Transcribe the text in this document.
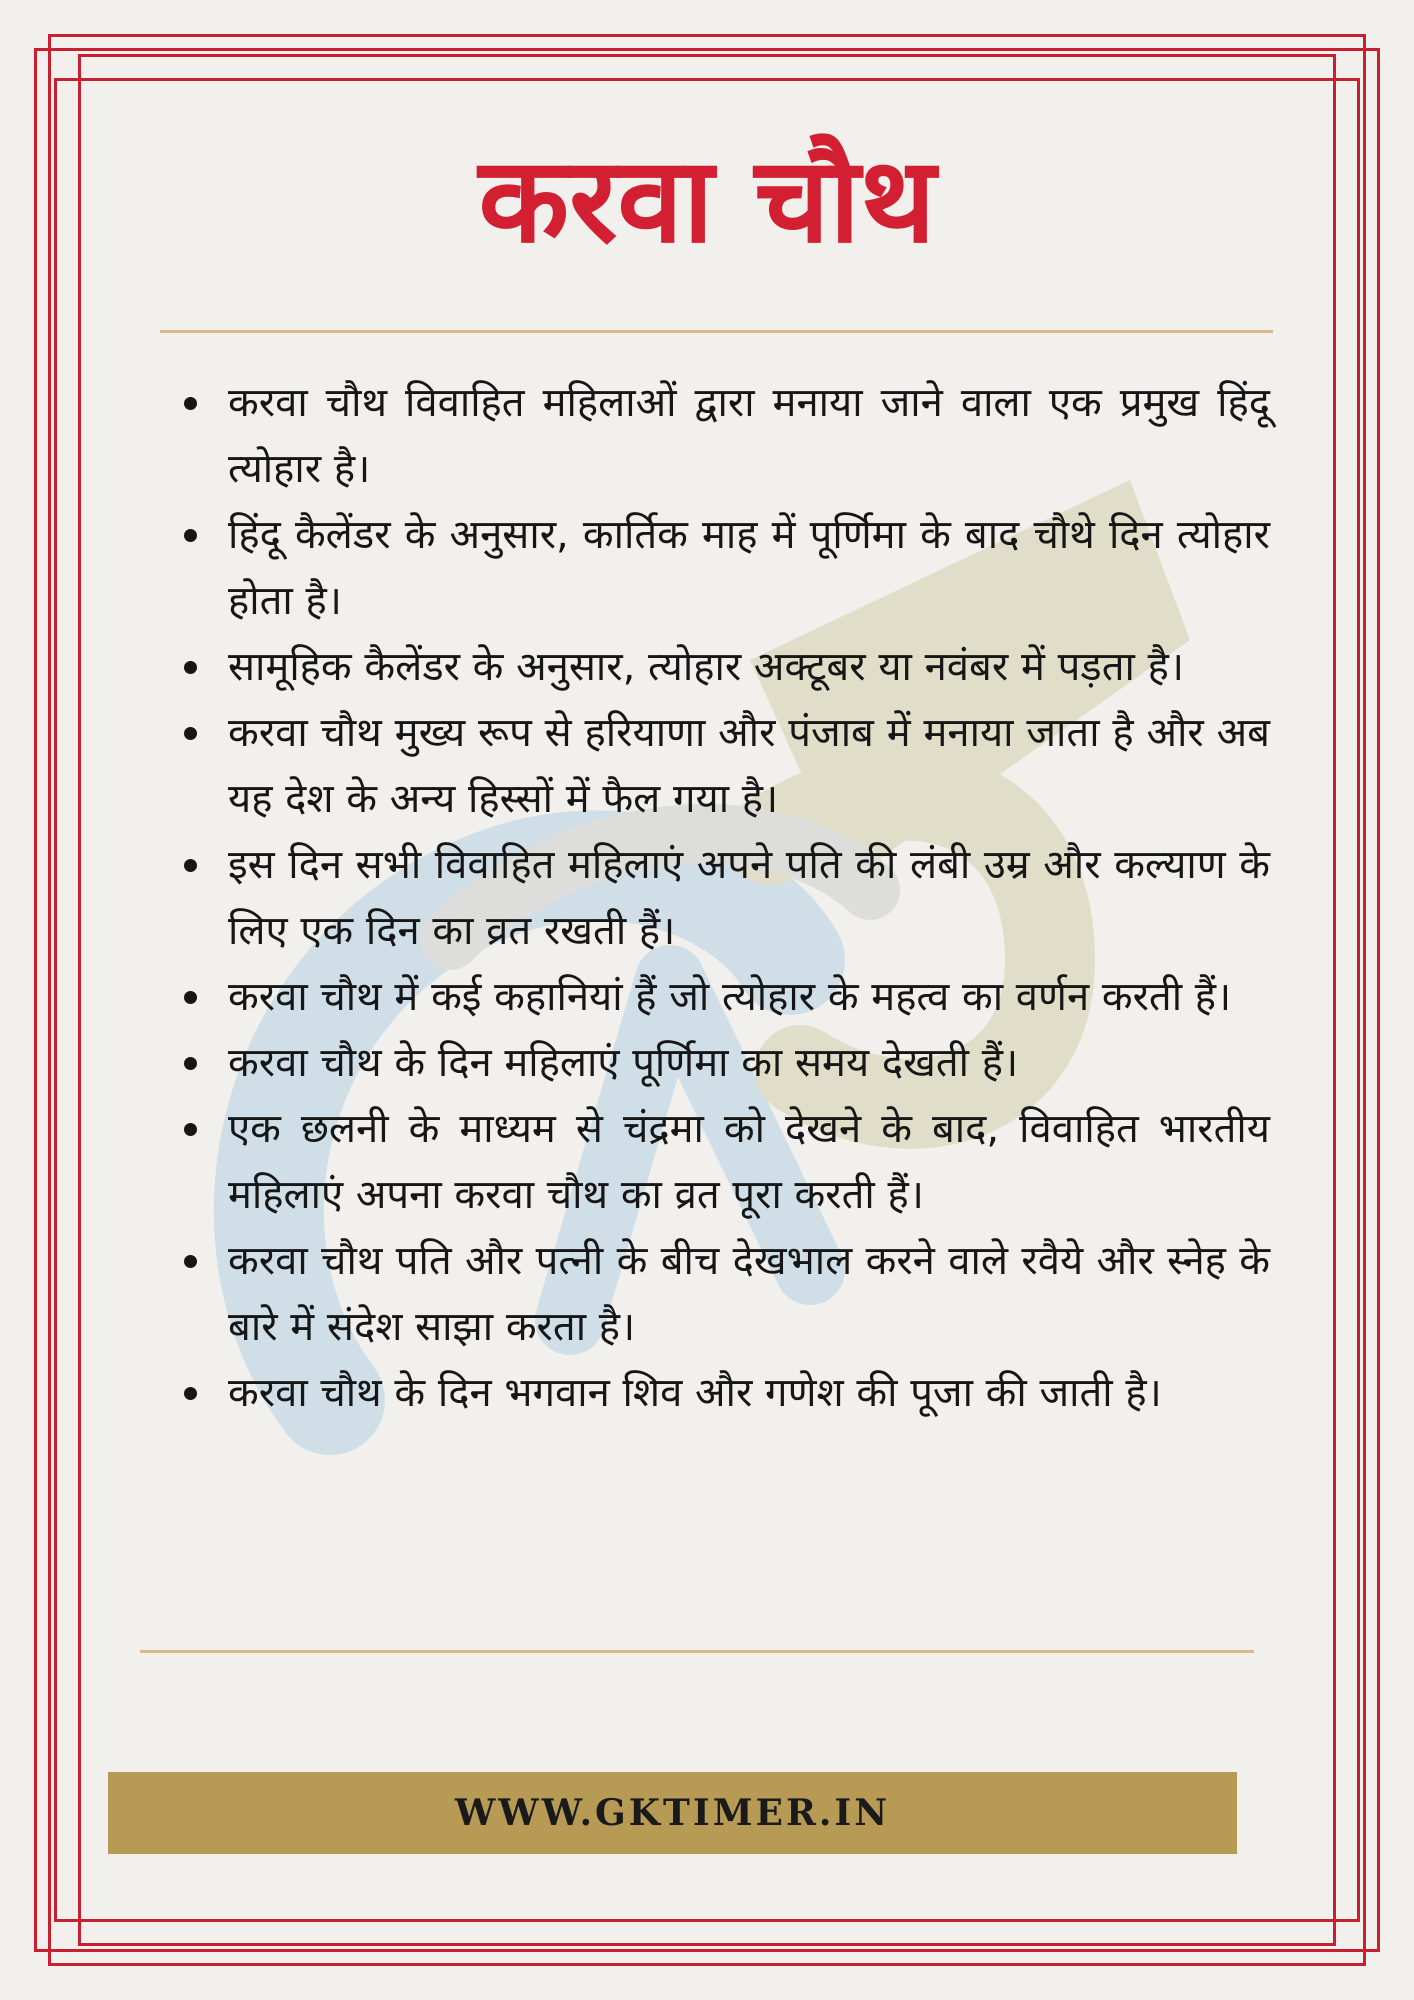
करवा चौथ
करवा चौथ विवाहित महिलाओं द्वारा मनाया जाने वाला एक प्रमुख हिंदू त्योहार है।
हिंदू कैलेंडर के अनुसार, कार्तिक माह में पूर्णिमा के बाद चौथे दिन त्योहार होता है।
सामूहिक कैलेंडर के अनुसार, त्योहार अक्टूबर या नवंबर में पड़ता है।
करवा चौथ मुख्य रूप से हरियाणा और पंजाब में मनाया जाता है और अब यह देश के अन्य हिस्सों में फैल गया है।
इस दिन सभी विवाहित महिलाएं अपने पति की लंबी उम्र और कल्याण के लिए एक दिन का व्रत रखती हैं।
करवा चौथ में कई कहानियां हैं जो त्योहार के महत्व का वर्णन करती हैं।
करवा चौथ के दिन महिलाएं पूर्णिमा का समय देखती हैं।
एक छलनी के माध्यम से चंद्रमा को देखने के बाद, विवाहित भारतीय महिलाएं अपना करवा चौथ का व्रत पूरा करती हैं।
करवा चौथ पति और पत्नी के बीच देखभाल करने वाले रवैये और स्नेह के बारे में संदेश साझा करता है।
करवा चौथ के दिन भगवान शिव और गणेश की पूजा की जाती है।
WWW.GKTIMER.IN
